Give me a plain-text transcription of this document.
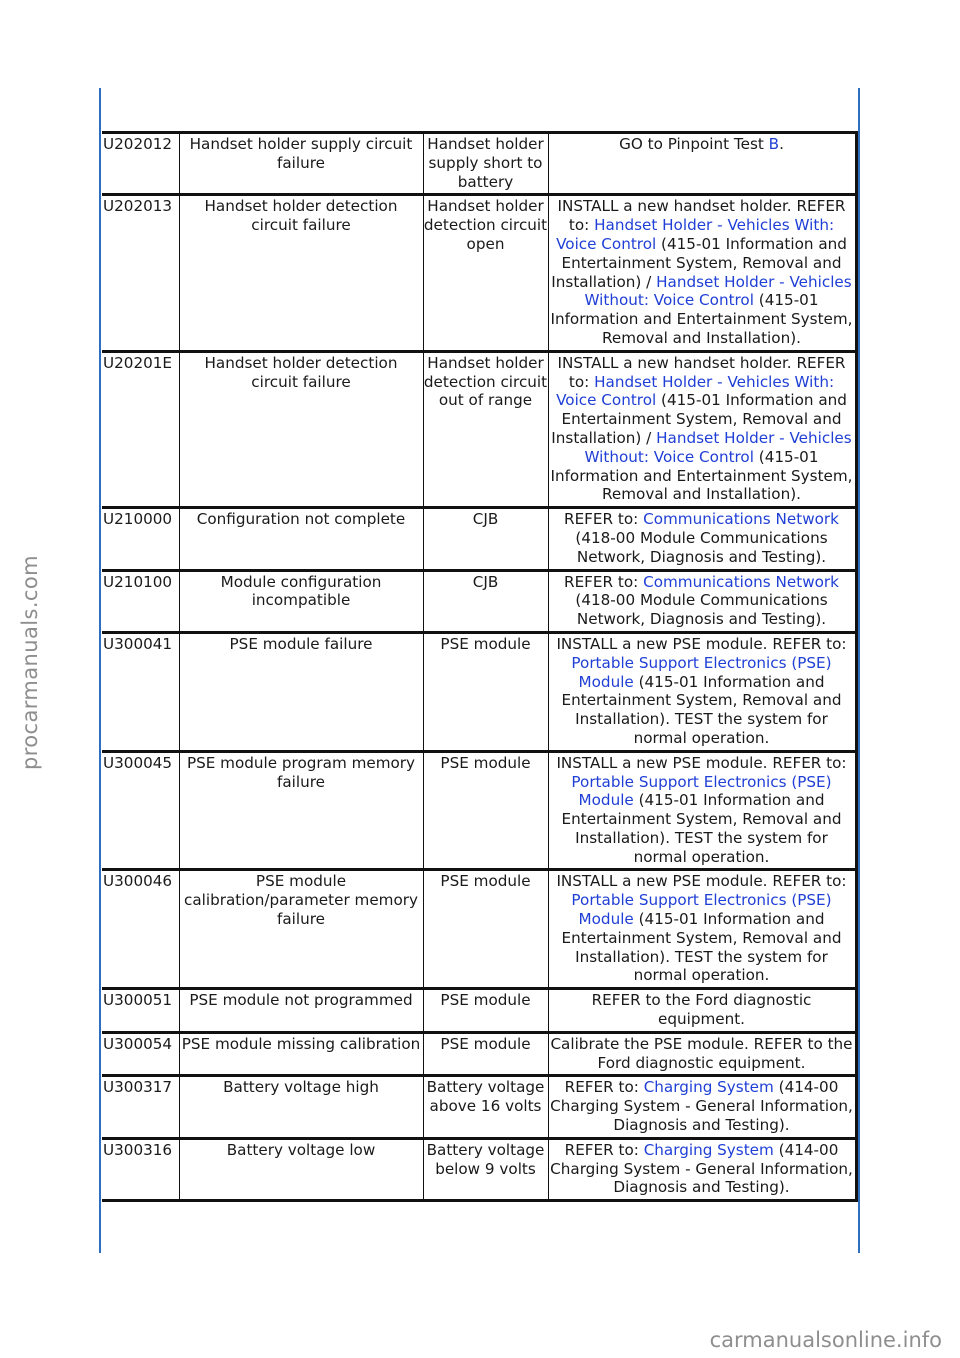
U202012	Handset holder supply circuit failure	Handset holder supply short to battery	GO to Pinpoint Test B.
U202013	Handset holder detection circuit failure	Handset holder detection circuit open	INSTALL a new handset holder. REFER to: Handset Holder - Vehicles With: Voice Control (415-01 Information and Entertainment System, Removal and Installation) / Handset Holder - Vehicles Without: Voice Control (415-01 Information and Entertainment System, Removal and Installation).
U20201E	Handset holder detection circuit failure	Handset holder detection circuit out of range	INSTALL a new handset holder. REFER to: Handset Holder - Vehicles With: Voice Control (415-01 Information and Entertainment System, Removal and Installation) / Handset Holder - Vehicles Without: Voice Control (415-01 Information and Entertainment System, Removal and Installation).
U210000	Configuration not complete	CJB	REFER to: Communications Network (418-00 Module Communications Network, Diagnosis and Testing).
U210100	Module configuration incompatible	CJB	REFER to: Communications Network (418-00 Module Communications Network, Diagnosis and Testing).
U300041	PSE module failure	PSE module	INSTALL a new PSE module. REFER to: Portable Support Electronics (PSE) Module (415-01 Information and Entertainment System, Removal and Installation). TEST the system for normal operation.
U300045	PSE module program memory failure	PSE module	INSTALL a new PSE module. REFER to: Portable Support Electronics (PSE) Module (415-01 Information and Entertainment System, Removal and Installation). TEST the system for normal operation.
U300046	PSE module calibration/parameter memory failure	PSE module	INSTALL a new PSE module. REFER to: Portable Support Electronics (PSE) Module (415-01 Information and Entertainment System, Removal and Installation). TEST the system for normal operation.
U300051	PSE module not programmed	PSE module	REFER to the Ford diagnostic equipment.
U300054	PSE module missing calibration	PSE module	Calibrate the PSE module. REFER to the Ford diagnostic equipment.
U300317	Battery voltage high	Battery voltage above 16 volts	REFER to: Charging System (414-00 Charging System - General Information, Diagnosis and Testing).
U300316	Battery voltage low	Battery voltage below 9 volts	REFER to: Charging System (414-00 Charging System - General Information, Diagnosis and Testing).
procarmanuals.com
carmanualsonline.info
